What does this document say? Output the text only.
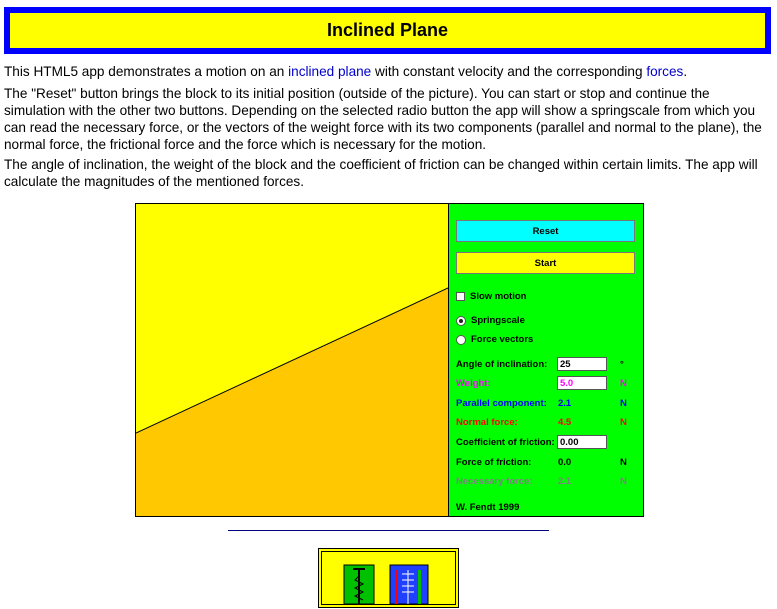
Inclined Plane
This HTML5 app demonstrates a motion on an inclined plane with constant velocity and the corresponding forces.
The "Reset" button brings the block to its initial position (outside of the picture). You can start or stop and continue the simulation with the other two buttons. Depending on the selected radio button the app will show a springscale from which you can read the necessary force, or the vectors of the weight force with its two components (parallel and normal to the plane), the normal force, the frictional force and the force which is necessary for the motion.
The angle of inclination, the weight of the block and the coefficient of friction can be changed within certain limits. The app will calculate the magnitudes of the mentioned forces.
Reset
Start
Slow motion
Springscale
Force vectors
Angle of inclination:
25	°
Weight:
5.0	N
Parallel component: 2.1	N
Normal force:	4.5	N
Coefficient of friction:
0.00
Force of friction:	0.0	N
Necessary force:	2.1	N
W. Fendt 1999
